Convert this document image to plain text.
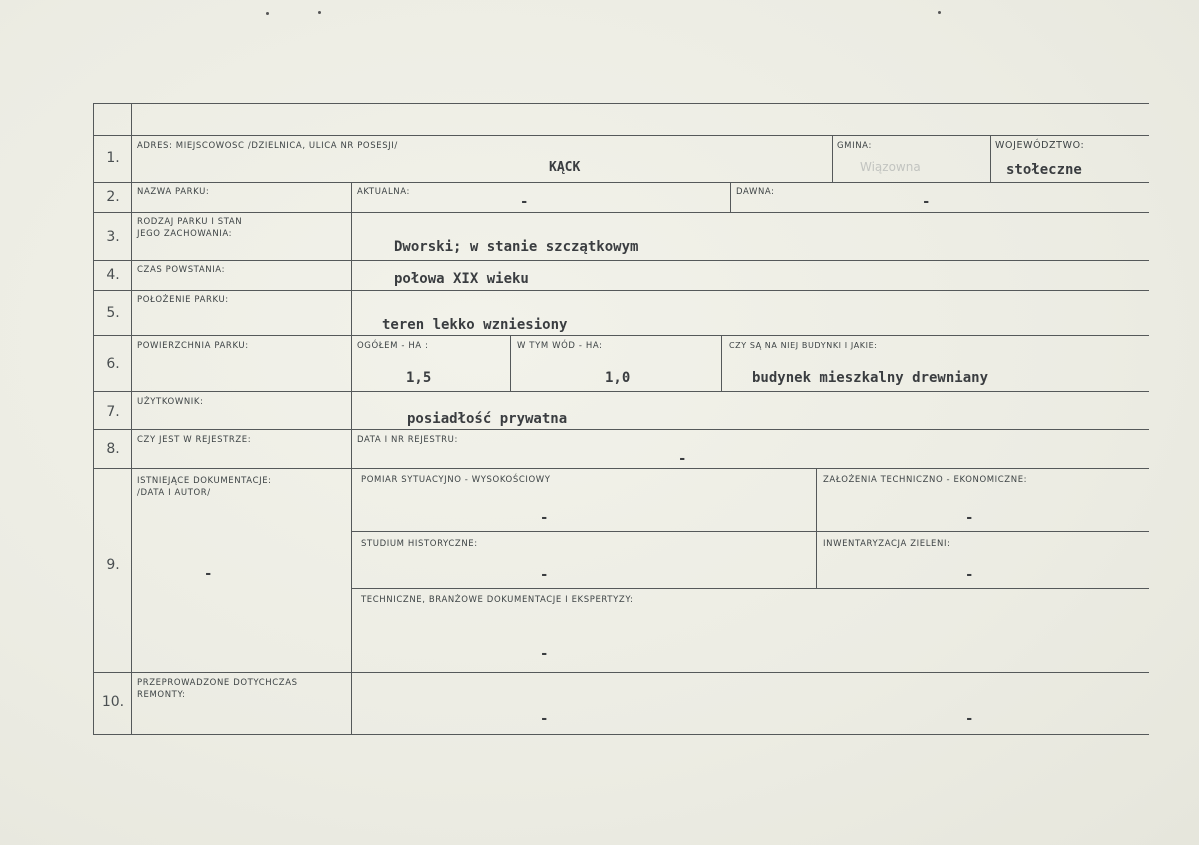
1.
2.
3.
4.
5.
6.
7.
8.
9.
10.
ADRES: MIEJSCOWOSC /DZIELNICA, ULICA NR POSESJI/
NAZWA PARKU:
RODZAJ PARKU I STAN
JEGO ZACHOWANIA:
CZAS POWSTANIA:
POŁOŻENIE PARKU:
POWIERZCHNIA PARKU:
UŻYTKOWNIK:
CZY JEST W REJESTRZE:
ISTNIEJĄCE DOKUMENTACJE:
/DATA I AUTOR/
PRZEPROWADZONE DOTYCHCZAS
REMONTY:
KĄCK
GMINA:
Wiązowna
WOJEWÓDZTWO:
stołeczne
AKTUALNA:
-
DAWNA:
-
Dworski; w stanie szczątkowym
połowa XIX wieku
teren lekko wzniesiony
posiadłość prywatna
OGÓŁEM - HA :
1,5
W TYM WÓD - HA:
1,0
CZY SĄ NA NIEJ BUDYNKI I JAKIE:
budynek mieszkalny drewniany
DATA I NR REJESTRU:
-
-
POMIAR SYTUACYJNO - WYSOKOŚCIOWY
-
ZAŁOŻENIA TECHNICZNO - EKONOMICZNE:
-
STUDIUM HISTORYCZNE:
-
INWENTARYZACJA ZIELENI:
-
TECHNICZNE, BRANŻOWE DOKUMENTACJE I EKSPERTYZY:
-
-	-
